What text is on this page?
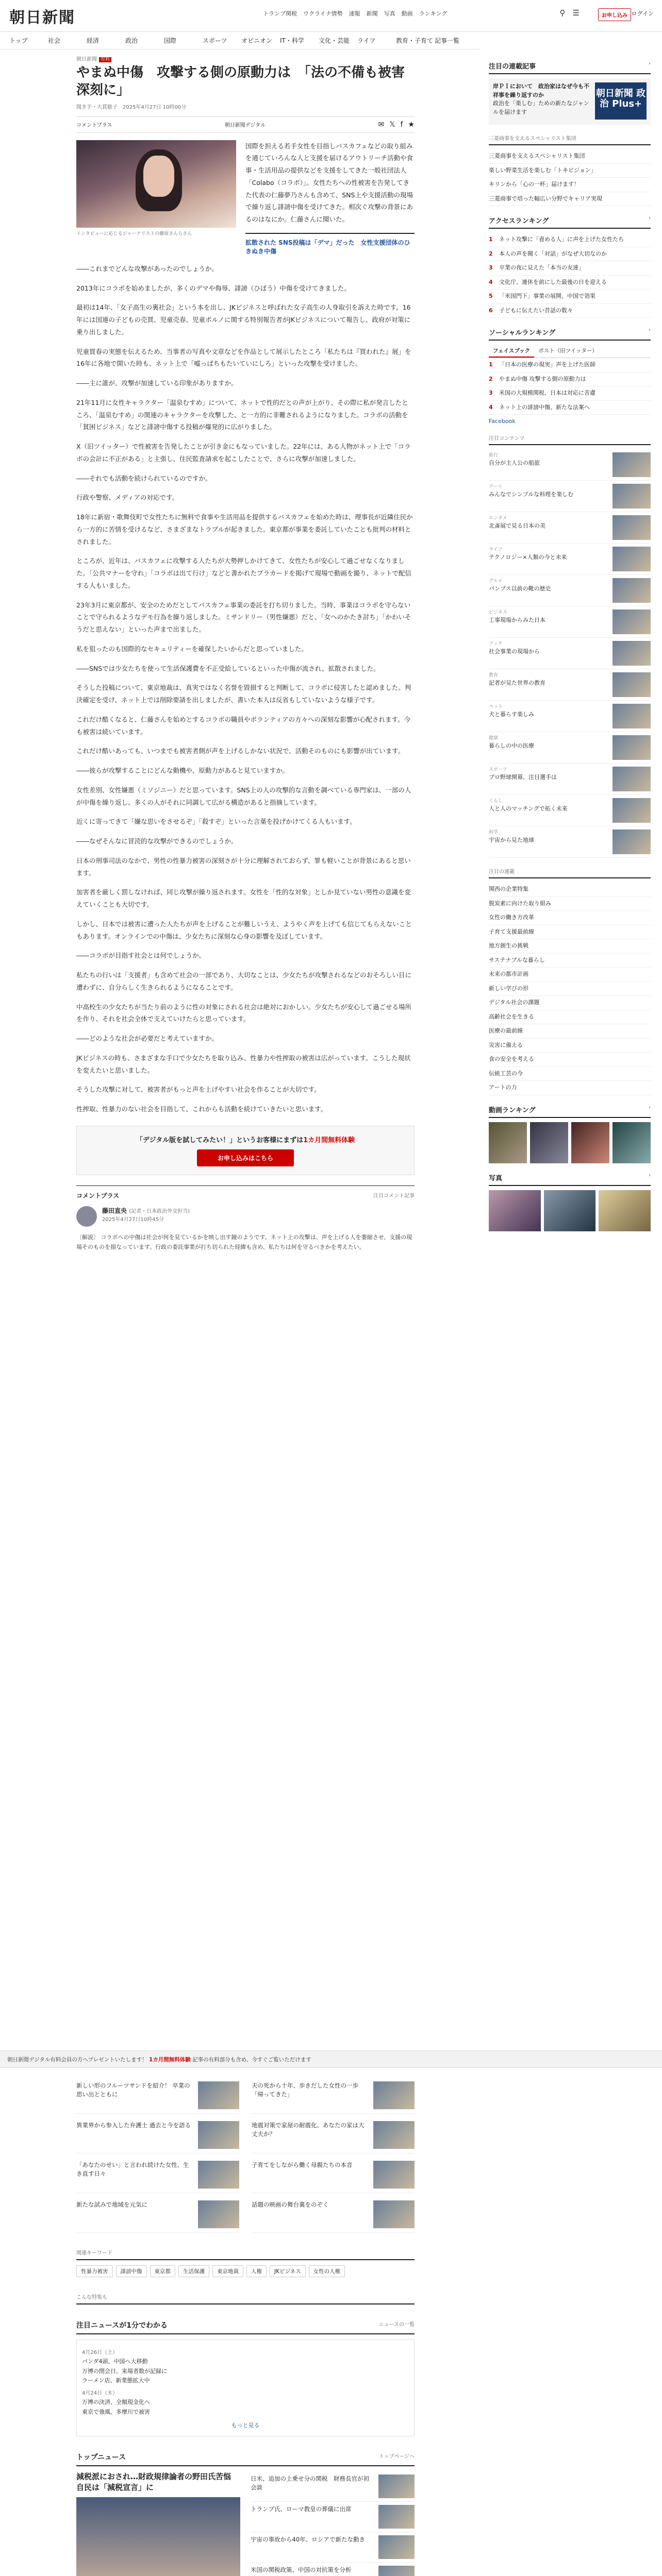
朝日新聞	トランプ関税 ウクライナ情勢 速報 新聞 写真 動画 ランキング	⚲ ☰	お申し込み ログイン
トップ	社会	経済	政治	国際	スポーツ	オピニオン	IT・科学	文化・芸能	ライフ	教育・子育て 記事一覧
朝日新聞 有料
やまぬ中傷　攻撃する側の原動力は　「法の不備も被害深刻に」
聞き手・大貫聡子　2025年4月27日 10時00分
コメントプラス	朝日新聞デジタル	✉ 𝕏 f ★
インタビューに応じるジャーナリストの藤原さんらさん
国際を担える若手女性を目指しバスカフェなどの取り組みを通じていろんな人と支援を届けるアウトリーチ活動や食事・生活用品の提供などを支援をしてきた一般社団法人「Colabo（コラボ）」。女性たちへの性被害を告発してきた代表の仁藤夢乃さんも含めて、SNS上や支援活動の現場で繰り返し誹謗中傷を受けてきた。相次ぐ攻撃の背景にあるのはなにか。仁藤さんに聞いた。
拡散された SNS投稿は「デマ」だった　女性支援団体のひきぬき中傷
――これまでどんな攻撃があったのでしょうか。
2013年にコラボを始めましたが、多くのデマや侮辱、誹謗（ひぼう）中傷を受けてきました。
最初は14年、「女子高生の裏社会」という本を出し、JKビジネスと呼ばれた女子高生の人身取引を訴えた時です。16年には国連の子どもの売買、児童売春、児童ポルノに関する特別報告者がJKビジネスについて報告し、政府が対策に乗り出しました。
児童買春の実態を伝えるため、当事者の写真や文章などを作品として展示したところ「私たちは『買われた』展」を16年に各地で開いた時も、ネット上で「嘘っぱちもたいていにしろ」といった攻撃を受けました。
――主に誰が、攻撃が加速している印象がありますか。
21年11月に女性キャラクター「温泉むすめ」について、ネットで性的だとの声が上がり、その際に私が発言したところ、「温泉むすめ」の関連のキャラクターを攻撃した、と一方的に非難されるようになりました。コラボの活動を「貧困ビジネス」などと誹謗中傷する投稿が爆発的に広がりました。
X（旧ツイッター）で性被害を告発したことが引き金にもなっていました。22年には、ある人物がネット上で「コラボの会計に不正がある」と主張し、住民監査請求を起こしたことで、さらに攻撃が加速しました。
――それでも活動を続けられているのですか。
行政や警察、メディアの対応です。
18年に新宿・歌舞伎町で女性たちに無料で食事や生活用品を提供するバスカフェを始めた時は、理事長が近隣住民から一方的に苦情を受けるなど、さまざまなトラブルが起きました。東京都が事業を委託していたことも批判の材料とされました。
ところが、近年は、バスカフェに攻撃する人たちが大勢押しかけてきて、女性たちが安心して過ごせなくなりました。「公共マナーを守れ」「コラボは出て行け」などと書かれたプラカードを掲げて現場で動画を撮り、ネットで配信する人もいました。
23年3月に東京都が、安全のためだとしてバスカフェ事業の委託を打ち切りました。当時、事業はコラボを守らないことで守られるようなデモ行為を繰り返しました。ミサンドリー（男性嫌悪）だと、「女へのかたき討ち」「かわいそうだと思えない」といった声まで出ました。
私を狙ったのも国際的なセキュリティーを確保したいからだと思っていました。
――SNSでは少女たちを使って生活保護費を不正受給しているといった中傷が流され、拡散されました。
そうした投稿について、東京地裁は、真実ではなく名誉を毀損すると判断して、コラボに侵害したと認めました。判決確定を受け、ネット上では削除要請を出しましたが、書いた本人は反省もしていないような様子です。
これだけ酷くなると、仁藤さんを始めとするコラボの職員やボランティアの方々への深刻な影響が心配されます。今も被害は続いています。
これだけ酷いあっても、いつまでも被害者側が声を上げるしかない状況で、活動そのものにも影響が出ています。
――彼らが攻撃することにどんな動機や、原動力があると見ていますか。
女性差別、女性嫌悪（ミソジニー）だと思っています。SNS上の人の攻撃的な言動を調べている専門家は、一部の人が中傷を繰り返し、多くの人がそれに同調して広がる構造があると指摘しています。
近くに寄ってきて「嫌な思いをさせるぞ」「殺すぞ」といった言葉を投げかけてくる人もいます。
――なぜそんなに冒涜的な攻撃ができるのでしょうか。
日本の刑事司法のなかで、男性の性暴力被害の深刻さが十分に理解されておらず、罪も軽いことが背景にあると思います。
加害者を厳しく罰しなければ、同じ攻撃が繰り返されます。女性を「性的な対象」としか見ていない男性の意識を変えていくことも大切です。
しかし、日本では被害に遭った人たちが声を上げることが難しいうえ、ようやく声を上げても信じてもらえないこともあります。オンラインでの中傷は、少女たちに深刻な心身の影響を及ぼしています。
――コラボが目指す社会とは何でしょうか。
私たちの行いは「支援者」も含めて社会の一部であり、大切なことは、少女たちが攻撃されるなどのおそろしい目に遭わずに、自分らしく生きられるようになることです。
中高校生の少女たちが当たり前のように性の対象にされる社会は絶対におかしい。少女たちが安心して過ごせる場所を作り、それを社会全体で支えていけたらと思っています。
――どのような社会が必要だと考えていますか。
JKビジネスの時も、さまざまな手口で少女たちを取り込み、性暴力や性搾取の被害は広がっています。こうした現状を変えたいと思いました。
そうした攻撃に対して、被害者がもっと声を上げやすい社会を作ることが大切です。
性搾取、性暴力のない社会を目指して、これからも活動を続けていきたいと思います。
「デジタル版を試してみたい！」というお客様にまずは1カ月間無料体験
お申し込みはこちら
コメントプラス	注目コメント記事
藤田直央 (記者・日本政治外交担当)
2025年4月27日10時45分
〔解説〕 コラボへの中傷は社会が何を見ているかを映し出す鏡のようです。ネット上の攻撃は、声を上げる人を萎縮させ、支援の現場そのものを損なっています。行政の委託事業が打ち切られた経緯も含め、私たちは何を守るべきかを考えたい。
朝日新聞デジタル有料会員の方へプレゼントいたします！
1カ月間無料体験
記事の有料部分も含め、今すぐご覧いただけます
新しい形のフルーツサンドを紹介！ 卒業の思い出とともに
夫の死から十年、歩きだした女性の一歩「帰ってきた」
異業界から参入した弁護士 過去と今を語る	地震対策で家屋の耐震化、あなたの家は大丈夫か？
「あなたのせい」と言われ続けた女性、生き直す日々
子育てをしながら働く母親たちの本音
新たな試みで地域を元気に	話題の映画の舞台裏をのぞく
関連キーワード
性暴力被害	誹謗中傷	東京都	生活保護	東京地裁	人権	JKビジネス	女性の人権
こんな特集も
注目ニュースが1分でわかる	ニュースの一覧
4月26日（土）
パンダ4頭、中国へ大移動
万博の閉会日、来場者数が記録に
ラーメン店、新業態拡大中
4月24日（木）
万博の決済、全額現金化へ
東京で強風、多摩川で被害
もっと見る
トップニュース	トップページへ
減税派におされ…財政規律論者の野田氏苦悩　自民は「減税宣言」に
日米、追加の上乗せ分の関税　財務長官が初会談
トランプ氏、ローマ教皇の葬儀に出席
宇宙の事故から40年、ロシアで新たな動き
米国の関税政策、中国の対抗策を分析
注目の連載記事	›
岸ＰＩにおいて　政治家はなぜ今も不祥事を繰り返すのか
政治を「楽しむ」ための新たなジャンルを届けます
朝日新聞 政治 Plus+
三菱商事を支えるスペシャリスト集団
三菱商事を支えるスペシャリスト集団
楽しい野菜生活を楽しむ「トキビジョン」
キリンから「心の一杯」届けます！
三菱商事で培った幅広い分野でキャリア実現
アクセスランキング	›
1	ネット攻撃に「責める人」に声を上げた女性たち
2	本人の声を聞く「対話」がなぜ大切なのか
3	卒業の夜に見えた「本当の友達」
4	文化庁、連休を前にした最後の日を迎える
5	「米国門下」事業の展開、中国で効果
6	子どもに伝えたい昔話の数々
ソーシャルランキング	›
フェイスブック	ポスト（旧ツイッター）
1	「日本の医療の現実」声を上げた医師
2	やまぬ中傷 攻撃する側の原動力は
3	米国の大規模関税、日本は対応に苦慮
4	ネット上の誹謗中傷、新たな法案へ
Facebook
注目コンテンツ
旅行
自分が主人公の船旅
アート
みんなでシンプルな料理を楽しむ
エンタメ
北斎展で見る日本の美
ライフ
テクノロジー×人類の今と未来
グルメ
パンプス以前の靴の歴史
ビジネス
工事現場からみた日本
ブック
社会事業の現場から
教育
記者が見た世界の教育
ペット
犬と暮らす楽しみ
健康
暮らしの中の医療
スポーツ
プロ野球開幕、注目選手は
くらし
人と人のマッチングで拓く未来
科学
宇宙から見た地球
注目の連載
関西の企業特集
脱炭素に向けた取り組み
女性の働き方改革
子育て支援最前線
地方創生の挑戦
サステナブルな暮らし
未来の都市計画
新しい学びの形
デジタル社会の課題
高齢社会を生きる
医療の最前線
災害に備える
食の安全を考える
伝統工芸の今
アートの力
動画ランキング	›
写真	›
